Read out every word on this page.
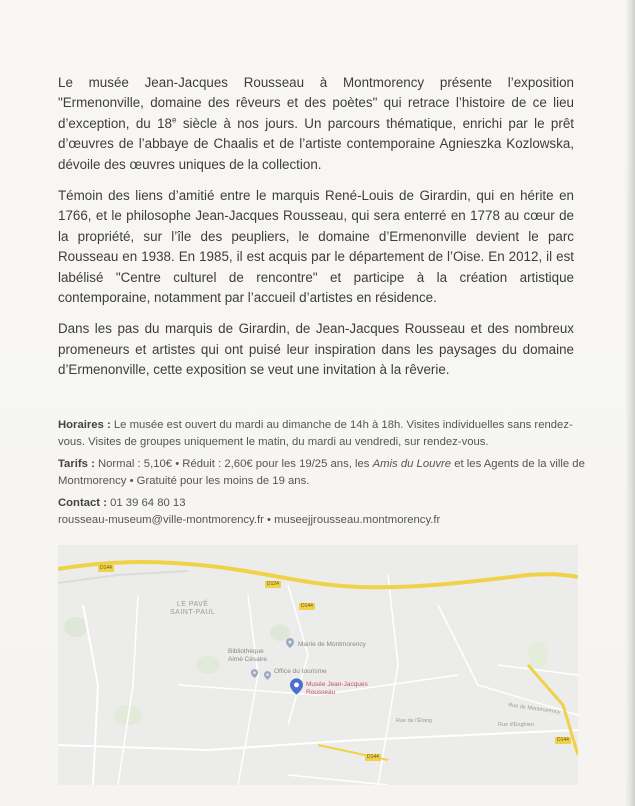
Le musée Jean-Jacques Rousseau à Montmorency présente l’exposition "Ermenonville, domaine des rêveurs et des poètes" qui retrace l’histoire de ce lieu d’exception, du 18e siècle à nos jours. Un parcours thématique, enrichi par le prêt d’œuvres de l’abbaye de Chaalis et de l’artiste contemporaine Agnieszka Kozlowska, dévoile des œuvres uniques de la collection.

Témoin des liens d’amitié entre le marquis René-Louis de Girardin, qui en hérite en 1766, et le philosophe Jean-Jacques Rousseau, qui sera enterré en 1778 au cœur de la propriété, sur l’île des peupliers, le domaine d’Ermenonville devient le parc Rousseau en 1938. En 1985, il est acquis par le département de l’Oise. En 2012, il est labélisé "Centre culturel de rencontre" et participe à la création artistique contemporaine, notamment par l’accueil d’artistes en résidence.

Dans les pas du marquis de Girardin, de Jean-Jacques Rousseau et des nombreux promeneurs et artistes qui ont puisé leur inspiration dans les paysages du domaine d’Ermenonville, cette exposition se veut une invitation à la rêverie.

Horaires : Le musée est ouvert du mardi au dimanche de 14h à 18h. Visites individuelles sans rendez-vous. Visites de groupes uniquement le matin, du mardi au vendredi, sur rendez-vous.

Tarifs : Normal : 5,10€ • Réduit : 2,60€ pour les 19/25 ans, les Amis du Louvre et les Agents de la ville de Montmorency • Gratuité pour les moins de 19 ans.

Contact : 01 39 64 80 13
rousseau-museum@ville-montmorency.fr • museejjrousseau.montmorency.fr

D144
D124
D144
D144
D144
LE PAVÉ
SAINT-PAUL
Mairie de Montmorency
Bibliothèque
Aimé Césaire
Office du tourisme
Musée Jean-Jacques
Rousseau
Rue de l'Étang
Rue d'Enghien
Rue de Montmorency
